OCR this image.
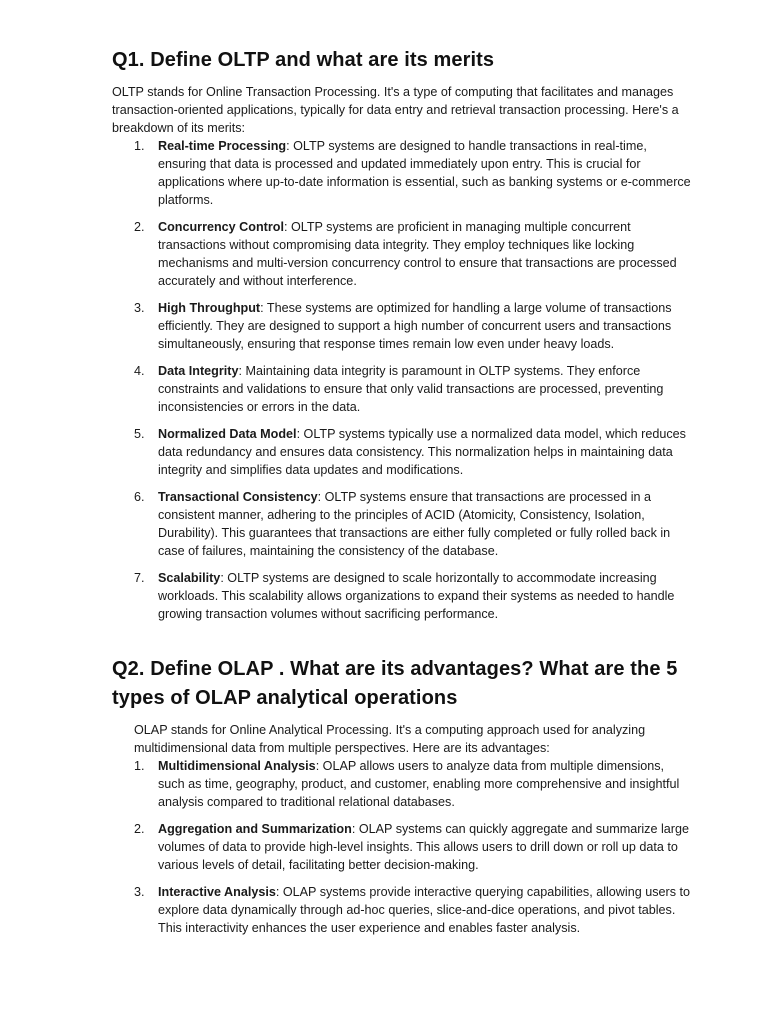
Q1. Define OLTP and what are its merits

OLTP stands for Online Transaction Processing. It's a type of computing that facilitates and manages transaction-oriented applications, typically for data entry and retrieval transaction processing. Here's a breakdown of its merits:

1. Real-time Processing: OLTP systems are designed to handle transactions in real-time, ensuring that data is processed and updated immediately upon entry. This is crucial for applications where up-to-date information is essential, such as banking systems or e-commerce platforms.
2. Concurrency Control: OLTP systems are proficient in managing multiple concurrent transactions without compromising data integrity. They employ techniques like locking mechanisms and multi-version concurrency control to ensure that transactions are processed accurately and without interference.
3. High Throughput: These systems are optimized for handling a large volume of transactions efficiently. They are designed to support a high number of concurrent users and transactions simultaneously, ensuring that response times remain low even under heavy loads.
4. Data Integrity: Maintaining data integrity is paramount in OLTP systems. They enforce constraints and validations to ensure that only valid transactions are processed, preventing inconsistencies or errors in the data.
5. Normalized Data Model: OLTP systems typically use a normalized data model, which reduces data redundancy and ensures data consistency. This normalization helps in maintaining data integrity and simplifies data updates and modifications.
6. Transactional Consistency: OLTP systems ensure that transactions are processed in a consistent manner, adhering to the principles of ACID (Atomicity, Consistency, Isolation, Durability). This guarantees that transactions are either fully completed or fully rolled back in case of failures, maintaining the consistency of the database.
7. Scalability: OLTP systems are designed to scale horizontally to accommodate increasing workloads. This scalability allows organizations to expand their systems as needed to handle growing transaction volumes without sacrificing performance.
Q2. Define OLAP . What are its advantages? What are the 5 types of OLAP analytical operations

OLAP stands for Online Analytical Processing. It's a computing approach used for analyzing multidimensional data from multiple perspectives. Here are its advantages:

1. Multidimensional Analysis: OLAP allows users to analyze data from multiple dimensions, such as time, geography, product, and customer, enabling more comprehensive and insightful analysis compared to traditional relational databases.
2. Aggregation and Summarization: OLAP systems can quickly aggregate and summarize large volumes of data to provide high-level insights. This allows users to drill down or roll up data to various levels of detail, facilitating better decision-making.
3. Interactive Analysis: OLAP systems provide interactive querying capabilities, allowing users to explore data dynamically through ad-hoc queries, slice-and-dice operations, and pivot tables. This interactivity enhances the user experience and enables faster analysis.
